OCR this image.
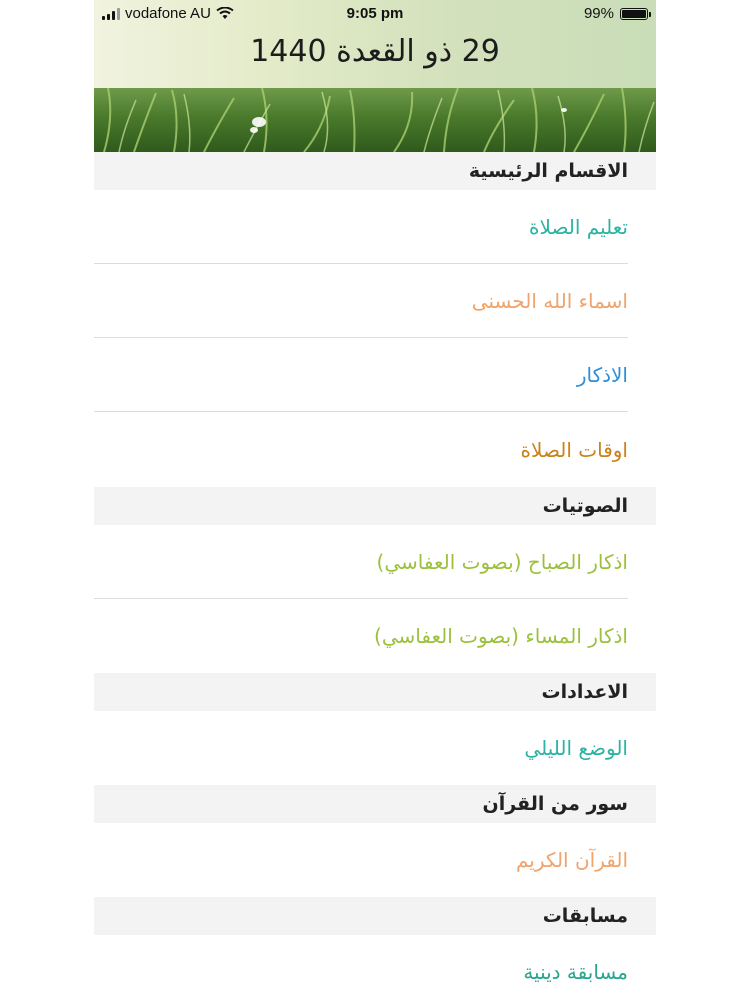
vodafone AU	9:05 pm	99%
29 ذو القعدة 1440
الاقسام الرئيسية
تعليم الصلاة
اسماء الله الحسنى
الاذكار
اوقات الصلاة
الصوتيات
اذكار الصباح (بصوت العفاسي)
اذكار المساء (بصوت العفاسي)
الاعدادات
الوضع الليلي
سور من القرآن
القرآن الكريم
مسابقات
مسابقة دينية
